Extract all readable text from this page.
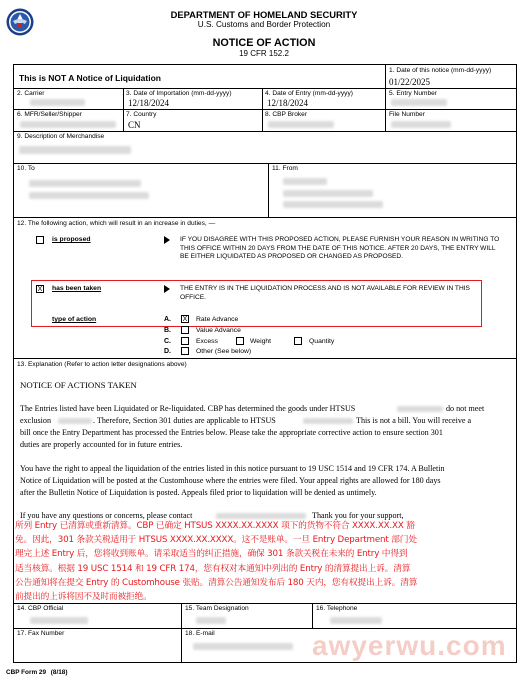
DEPARTMENT OF HOMELAND SECURITY
U.S. Customs and Border Protection
NOTICE OF ACTION
19 CFR 152.2
This is NOT A Notice of Liquidation
1. Date of this notice (mm-dd-yyyy)
01/22/2025
2. Carrier	3. Date of Importation (mm-dd-yyyy)
12/18/2024
4. Date of Entry (mm-dd-yyyy)
12/18/2024
5. Entry Number
6. MFR/Seller/Shipper	7. Country
CN
8. CBP Broker	File Number
9. Description of Merchandise
10. To	11. From
12. The following action, which will result in an increase in duties, —
is proposed	IF YOU DISAGREE WITH THIS PROPOSED ACTION, PLEASE FURNISH YOUR REASON IN WRITING TO THIS OFFICE WITHIN 20 DAYS FROM THE DATE OF THIS NOTICE. AFTER 20 DAYS, THE ENTRY WILL BE EITHER LIQUIDATED AS PROPOSED OR CHANGED AS PROPOSED.
X has been taken	THE ENTRY IS IN THE LIQUIDATION PROCESS AND IS NOT AVAILABLE FOR REVIEW IN THIS OFFICE.
type of action	A. X Rate Advance
B.	Value Advance
C.	Excess	Weight	Quantity
D.	Other (See below)
13. Explanation (Refer to action letter designations above)
NOTICE OF ACTIONS TAKEN
The Entries listed have been Liquidated or Re-liquidated. CBP has determined the goods under HTSUS	do not meet
exclusion	. Therefore, Section 301 duties are applicable to HTSUS	This is not a bill. You will receive a
bill once the Entry Department has processed the Entries below. Please take the appropriate corrective action to ensure section 301
duties are properly accounted for in future entries.
You have the right to appeal the liquidation of the entries listed in this notice pursuant to 19 USC 1514 and 19 CFR 174. A Bulletin
Notice of Liquidation will be posted at the Customhouse where the entries were filed. Your appeal rights are allowed for 180 days
after the Bulletin Notice of Liquidation is posted. Appeals filed prior to liquidation will be denied as untimely.
If you have any questions or concerns, please contact	Thank you for your support,
所列 Entry 已清算或重新清算。CBP 已确定 HTSUS XXXX.XX.XXXX 项下的货物不符合 XXXX.XX.XX 豁
免。因此，301 条款关税适用于 HTSUS XXXX.XX.XXXX。这不是账单。一旦 Entry Department 部门处
理完上述 Entry 后，您将收到账单。请采取适当的纠正措施，确保 301 条款关税在未来的 Entry 中得到
适当核算。根据 19 USC 1514 和 19 CFR 174，您有权对本通知中列出的 Entry 的清算提出上诉。清算
公告通知将在提交 Entry 的 Customhouse 张贴。清算公告通知发布后 180 天内，您有权提出上诉。清算
前提出的上诉将因不及时而被拒绝。
14. CBP Official	15. Team Designation	16. Telephone
17. Fax Number	18. E-mail	awyerwu.com
CBP Form 29 (8/18)
